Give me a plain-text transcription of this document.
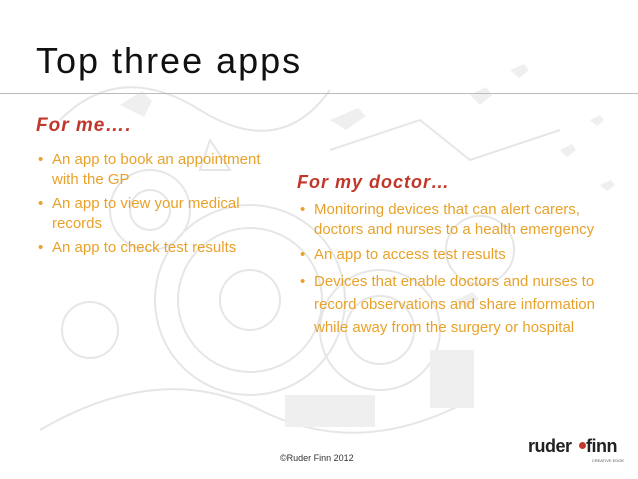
Top three apps
For me….
• An app to book an appointment with the GP
• An app to view your medical records
• An app to check test results
For my doctor…
• Monitoring devices that can alert carers, doctors and nurses to a health emergency
• An app to access test results
• Devices that enable doctors and nurses to record observations and share information while away from the surgery or hospital
©Ruder Finn 2012
ruder finn
CREATIVE EDGE
